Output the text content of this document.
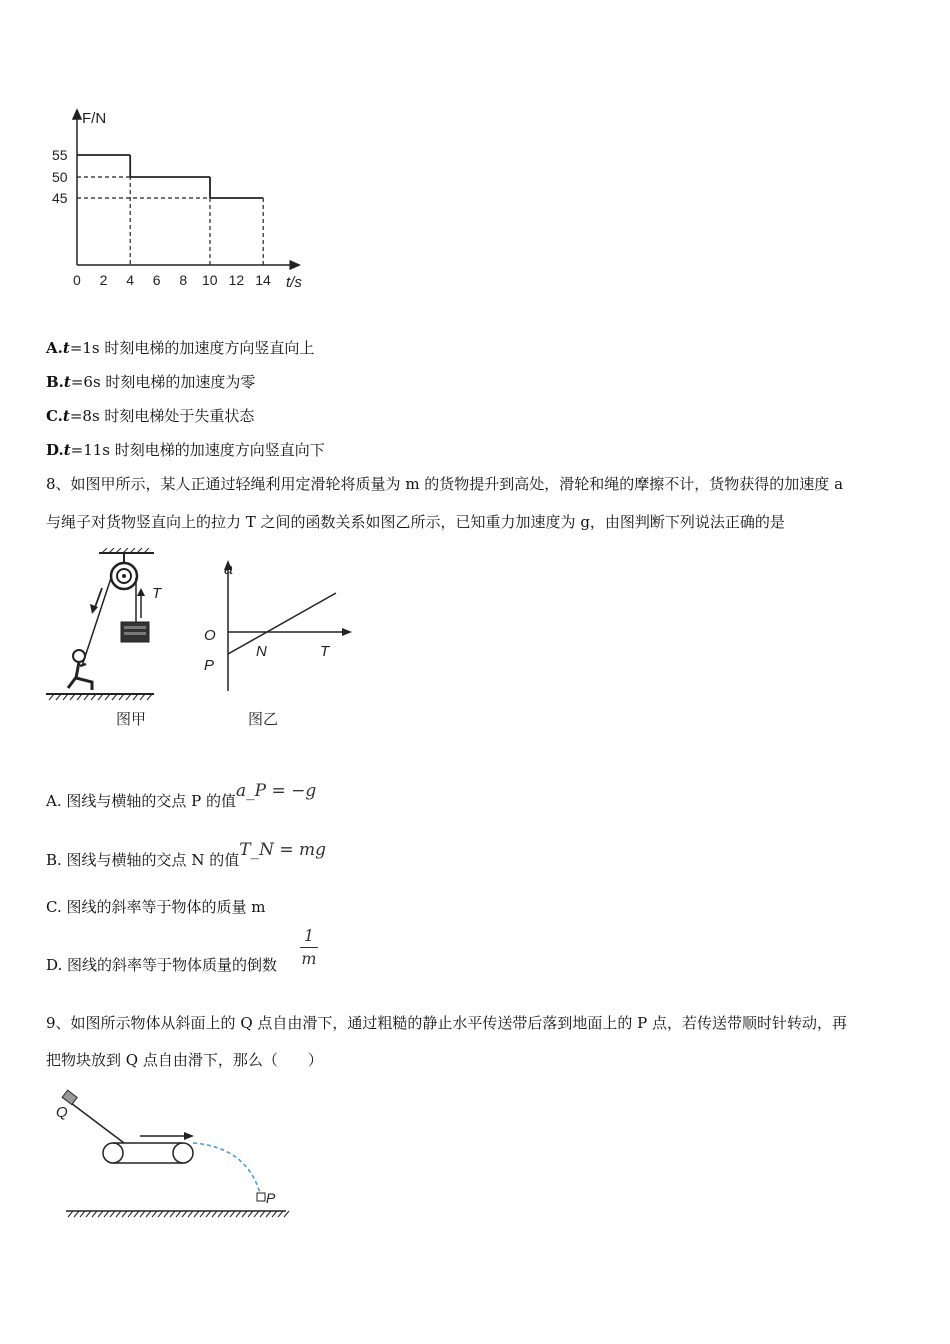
F/N
t/s
55
50
45
0 2 4 6 8 10 12 14
A.t=1s 时刻电梯的加速度方向竖直向上
B.t=6s 时刻电梯的加速度为零
C.t=8s 时刻电梯处于失重状态
D.t=11s 时刻电梯的加速度方向竖直向下
8、如图甲所示，某人正通过轻绳利用定滑轮将质量为 m 的货物提升到高处，滑轮和绳的摩擦不计，货物获得的加速度 a
与绳子对货物竖直向上的拉力 T 之间的函数关系如图乙所示，已知重力加速度为 g，由图判断下列说法正确的是
T
图甲
a
O
N	T
P
图乙
A. 图线与横轴的交点 P 的值a_P = −g
B. 图线与横轴的交点 N 的值T_N = mg
C. 图线的斜率等于物体的质量 m
D. 图线的斜率等于物体质量的倒数
1
m
9、如图所示物体从斜面上的 Q 点自由滑下，通过粗糙的静止水平传送带后落到地面上的 P 点，若传送带顺时针转动，再
把物块放到 Q 点自由滑下，那么（　　）
Q
P
